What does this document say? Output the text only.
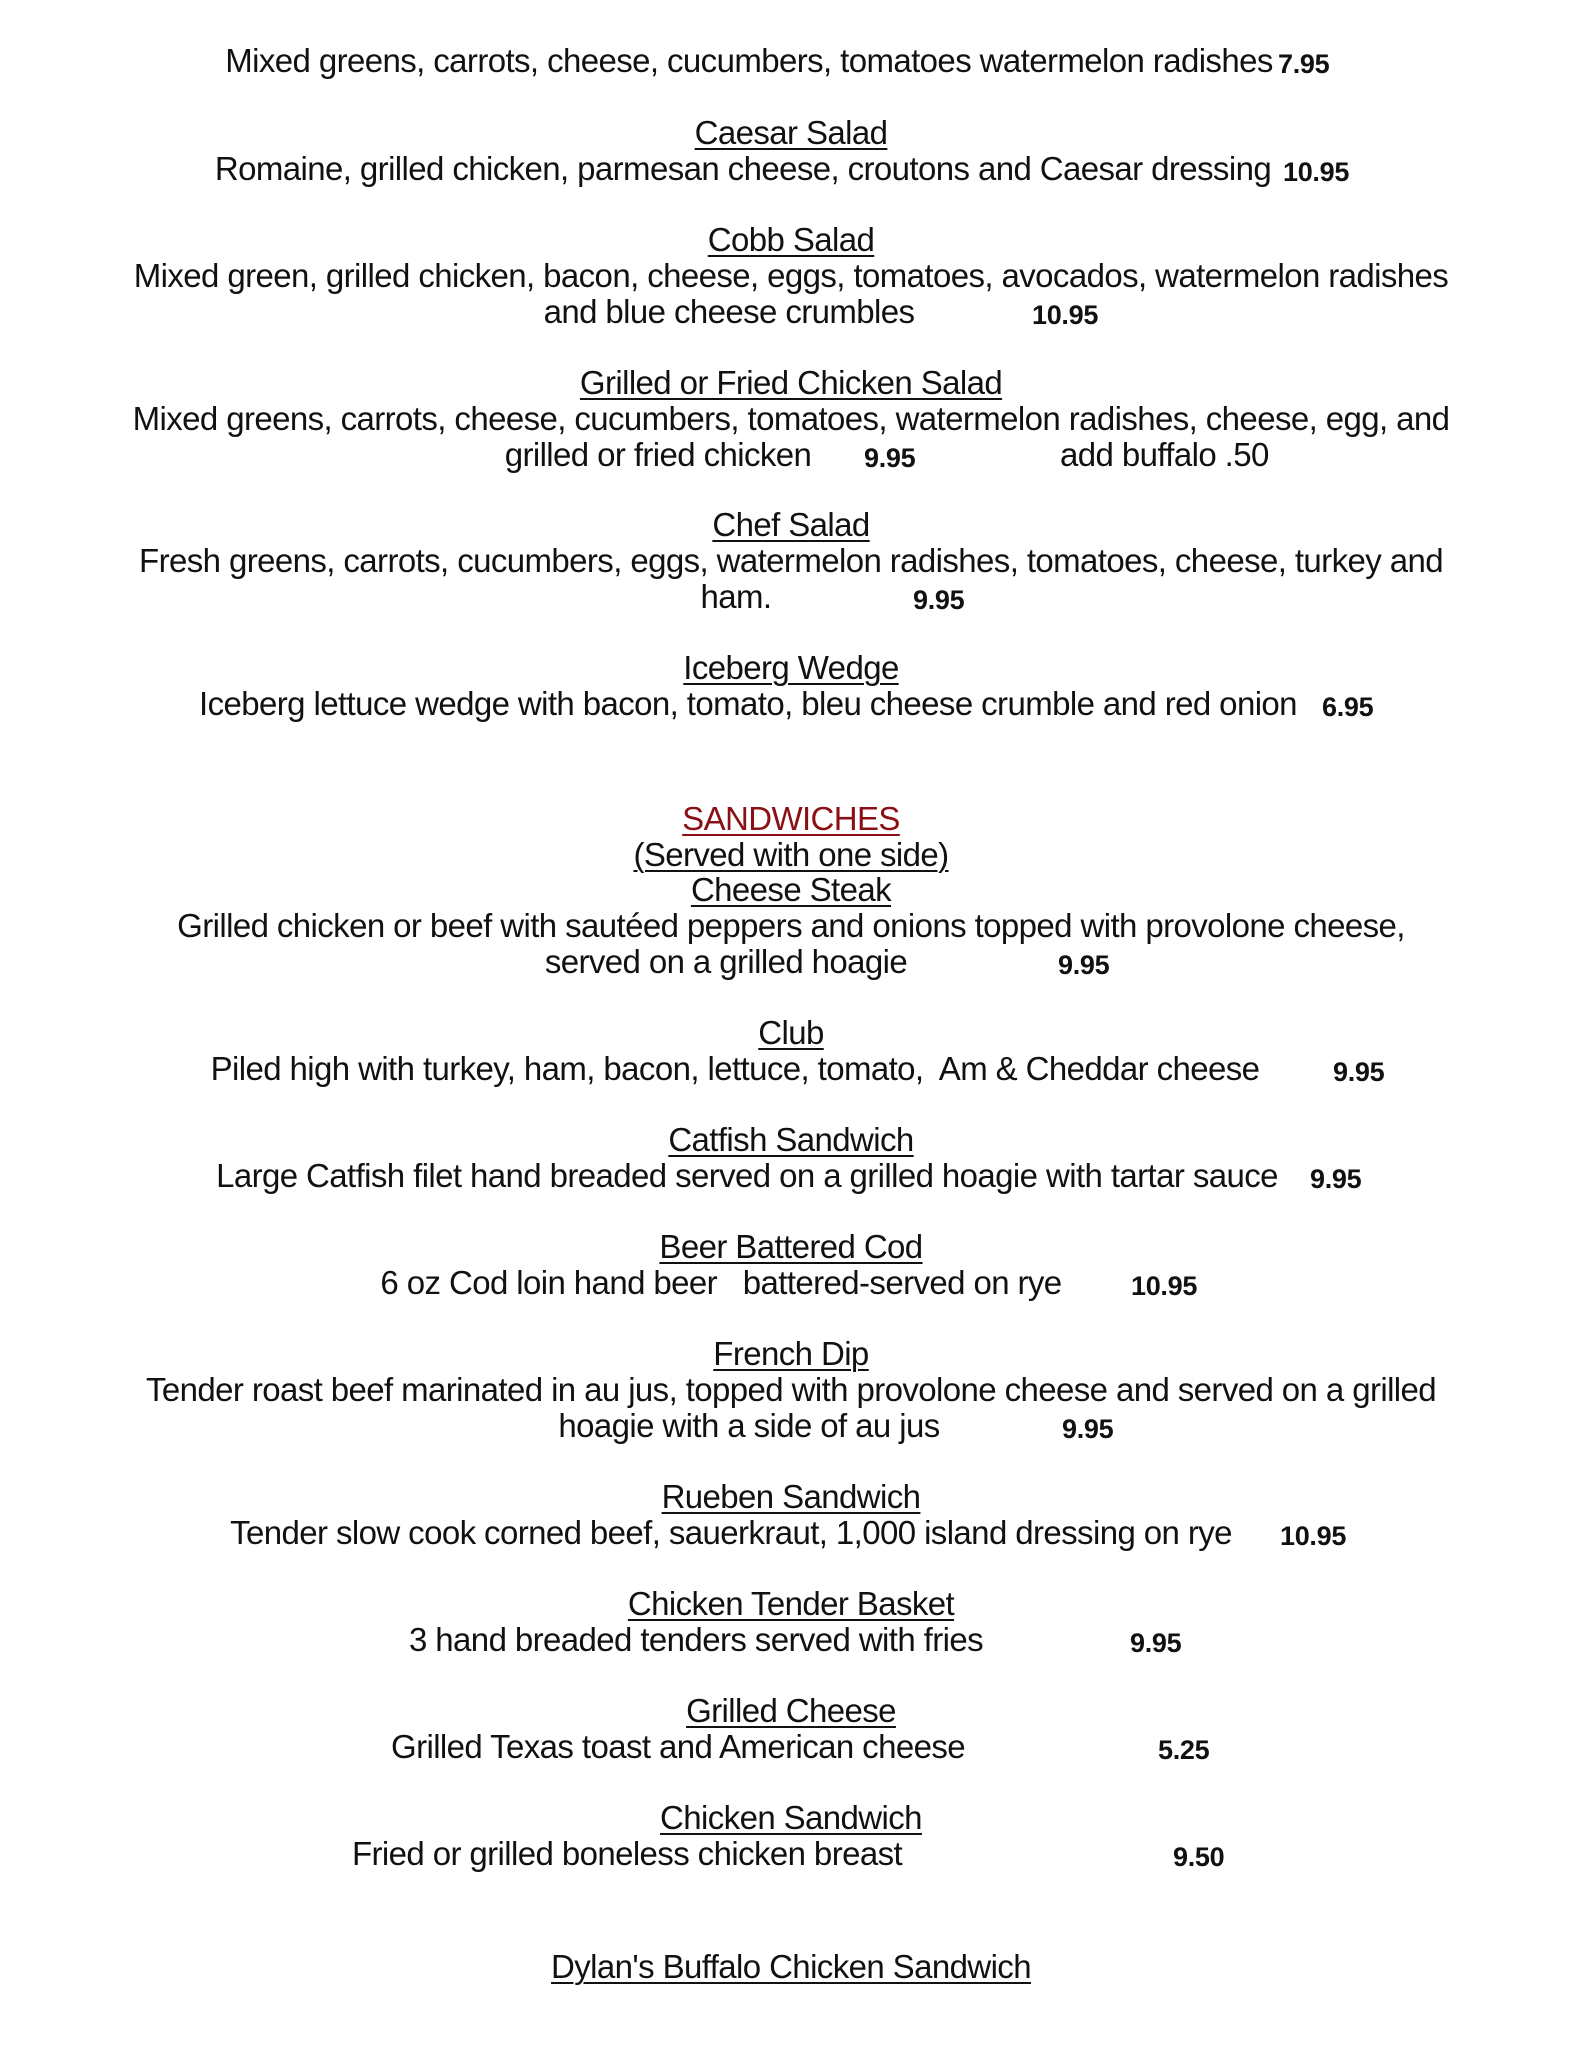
Mixed greens, carrots, cheese, cucumbers, tomatoes watermelon radishes 7.95
Caesar Salad
Romaine, grilled chicken, parmesan cheese, croutons and Caesar dressing 10.95
Cobb Salad
Mixed green, grilled chicken, bacon, cheese, eggs, tomatoes, avocados, watermelon radishes
and blue cheese crumbles	10.95
Grilled or Fried Chicken Salad
Mixed greens, carrots, cheese, cucumbers, tomatoes, watermelon radishes, cheese, egg, and
grilled or fried chicken	9.95	add buffalo .50
Chef Salad
Fresh greens, carrots, cucumbers, eggs, watermelon radishes, tomatoes, cheese, turkey and
ham.	9.95
Iceberg Wedge
Iceberg lettuce wedge with bacon, tomato, bleu cheese crumble and red onion 6.95
SANDWICHES
(Served with one side)
Cheese Steak
Grilled chicken or beef with sautéed peppers and onions topped with provolone cheese,
served on a grilled hoagie	9.95
Club
Piled high with turkey, ham, bacon, lettuce, tomato,  Am & Cheddar cheese	9.95
Catfish Sandwich
Large Catfish filet hand breaded served on a grilled hoagie with tartar sauce	9.95
Beer Battered Cod
6 oz Cod loin hand beer   battered-served on rye	10.95
French Dip
Tender roast beef marinated in au jus, topped with provolone cheese and served on a grilled
hoagie with a side of au jus	9.95
Rueben Sandwich
Tender slow cook corned beef, sauerkraut, 1,000 island dressing on rye	10.95
Chicken Tender Basket
3 hand breaded tenders served with fries	9.95
Grilled Cheese
Grilled Texas toast and American cheese	5.25
Chicken Sandwich
Fried or grilled boneless chicken breast	9.50
Dylan's Buffalo Chicken Sandwich
